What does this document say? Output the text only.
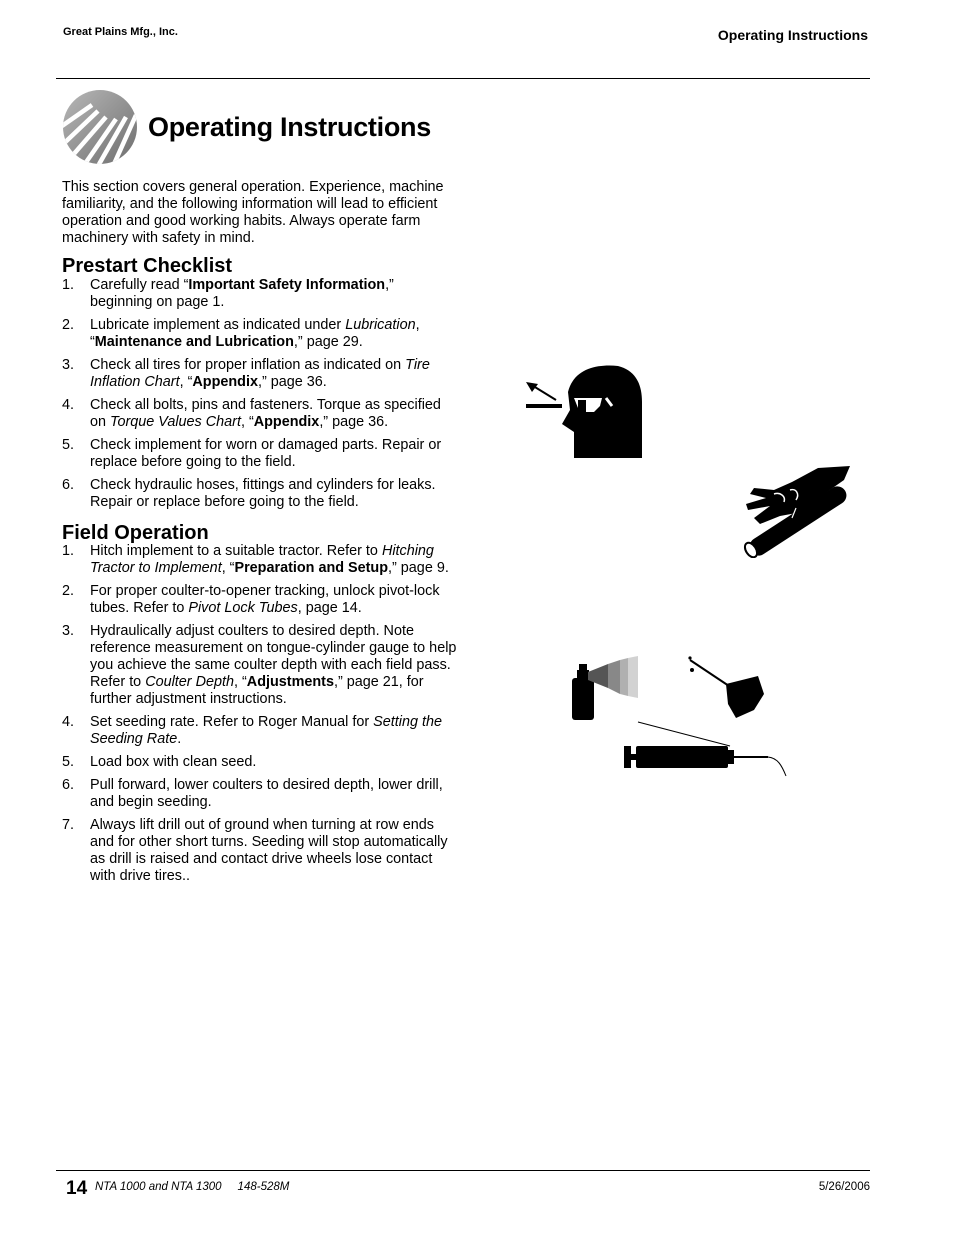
Great Plains Mfg., Inc.	Operating Instructions
Operating Instructions
This section covers general operation. Experience, machine familiarity, and the following information will lead to efficient operation and good working habits. Always operate farm machinery with safety in mind.
Prestart Checklist
1. Carefully read “Important Safety Information,” beginning on page 1.
2. Lubricate implement as indicated under Lubrication, “Maintenance and Lubrication,” page 29.
3. Check all tires for proper inflation as indicated on Tire Inflation Chart, “Appendix,” page 36.
4. Check all bolts, pins and fasteners. Torque as specified on Torque Values Chart, “Appendix,” page 36.
5. Check implement for worn or damaged parts. Repair or replace before going to the field.
6. Check hydraulic hoses, fittings and cylinders for leaks. Repair or replace before going to the field.
Field Operation
1. Hitch implement to a suitable tractor. Refer to Hitching Tractor to Implement, “Preparation and Setup,” page 9.
2. For proper coulter-to-opener tracking, unlock pivot-lock tubes. Refer to Pivot Lock Tubes, page 14.
3. Hydraulically adjust coulters to desired depth. Note reference measurement on tongue-cylinder gauge to help you achieve the same coulter depth with each field pass. Refer to Coulter Depth, “Adjustments,” page 21, for further adjustment instructions.
4. Set seeding rate. Refer to Roger Manual for Setting the Seeding Rate.
5. Load box with clean seed.
6. Pull forward, lower coulters to desired depth, lower drill, and begin seeding.
7. Always lift drill out of ground when turning at row ends and for other short turns. Seeding will stop automatically as drill is raised and contact drive wheels lose contact with drive tires..
14 NTA 1000 and NTA 1300     148-528M	5/26/2006
